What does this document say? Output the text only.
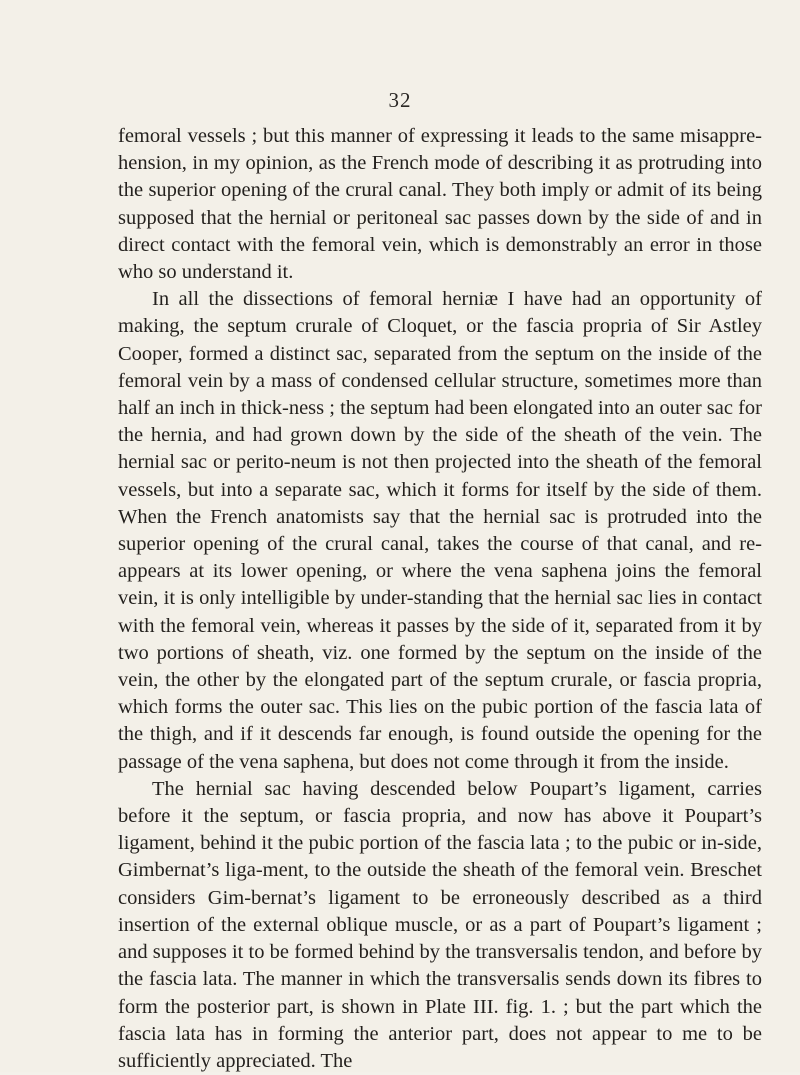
32

femoral vessels ; but this manner of expressing it leads to the same misappre-hension, in my opinion, as the French mode of describing it as protruding into the superior opening of the crural canal. They both imply or admit of its being supposed that the hernial or peritoneal sac passes down by the side of and in direct contact with the femoral vein, which is demonstrably an error in those who so understand it.

In all the dissections of femoral herniæ I have had an opportunity of making, the septum crurale of Cloquet, or the fascia propria of Sir Astley Cooper, formed a distinct sac, separated from the septum on the inside of the femoral vein by a mass of condensed cellular structure, sometimes more than half an inch in thick-ness ; the septum had been elongated into an outer sac for the hernia, and had grown down by the side of the sheath of the vein. The hernial sac or perito-neum is not then projected into the sheath of the femoral vessels, but into a separate sac, which it forms for itself by the side of them. When the French anatomists say that the hernial sac is protruded into the superior opening of the crural canal, takes the course of that canal, and re-appears at its lower opening, or where the vena saphena joins the femoral vein, it is only intelligible by under-standing that the hernial sac lies in contact with the femoral vein, whereas it passes by the side of it, separated from it by two portions of sheath, viz. one formed by the septum on the inside of the vein, the other by the elongated part of the septum crurale, or fascia propria, which forms the outer sac. This lies on the pubic portion of the fascia lata of the thigh, and if it descends far enough, is found outside the opening for the passage of the vena saphena, but does not come through it from the inside.

The hernial sac having descended below Poupart’s ligament, carries before it the septum, or fascia propria, and now has above it Poupart’s ligament, behind it the pubic portion of the fascia lata ; to the pubic or in-side, Gimbernat’s liga-ment, to the outside the sheath of the femoral vein. Breschet considers Gim-bernat’s ligament to be erroneously described as a third insertion of the external oblique muscle, or as a part of Poupart’s ligament ; and supposes it to be formed behind by the transversalis tendon, and before by the fascia lata. The manner in which the transversalis sends down its fibres to form the posterior part, is shown in Plate III. fig. 1. ; but the part which the fascia lata has in forming the anterior part, does not appear to me to be sufficiently appreciated. The
